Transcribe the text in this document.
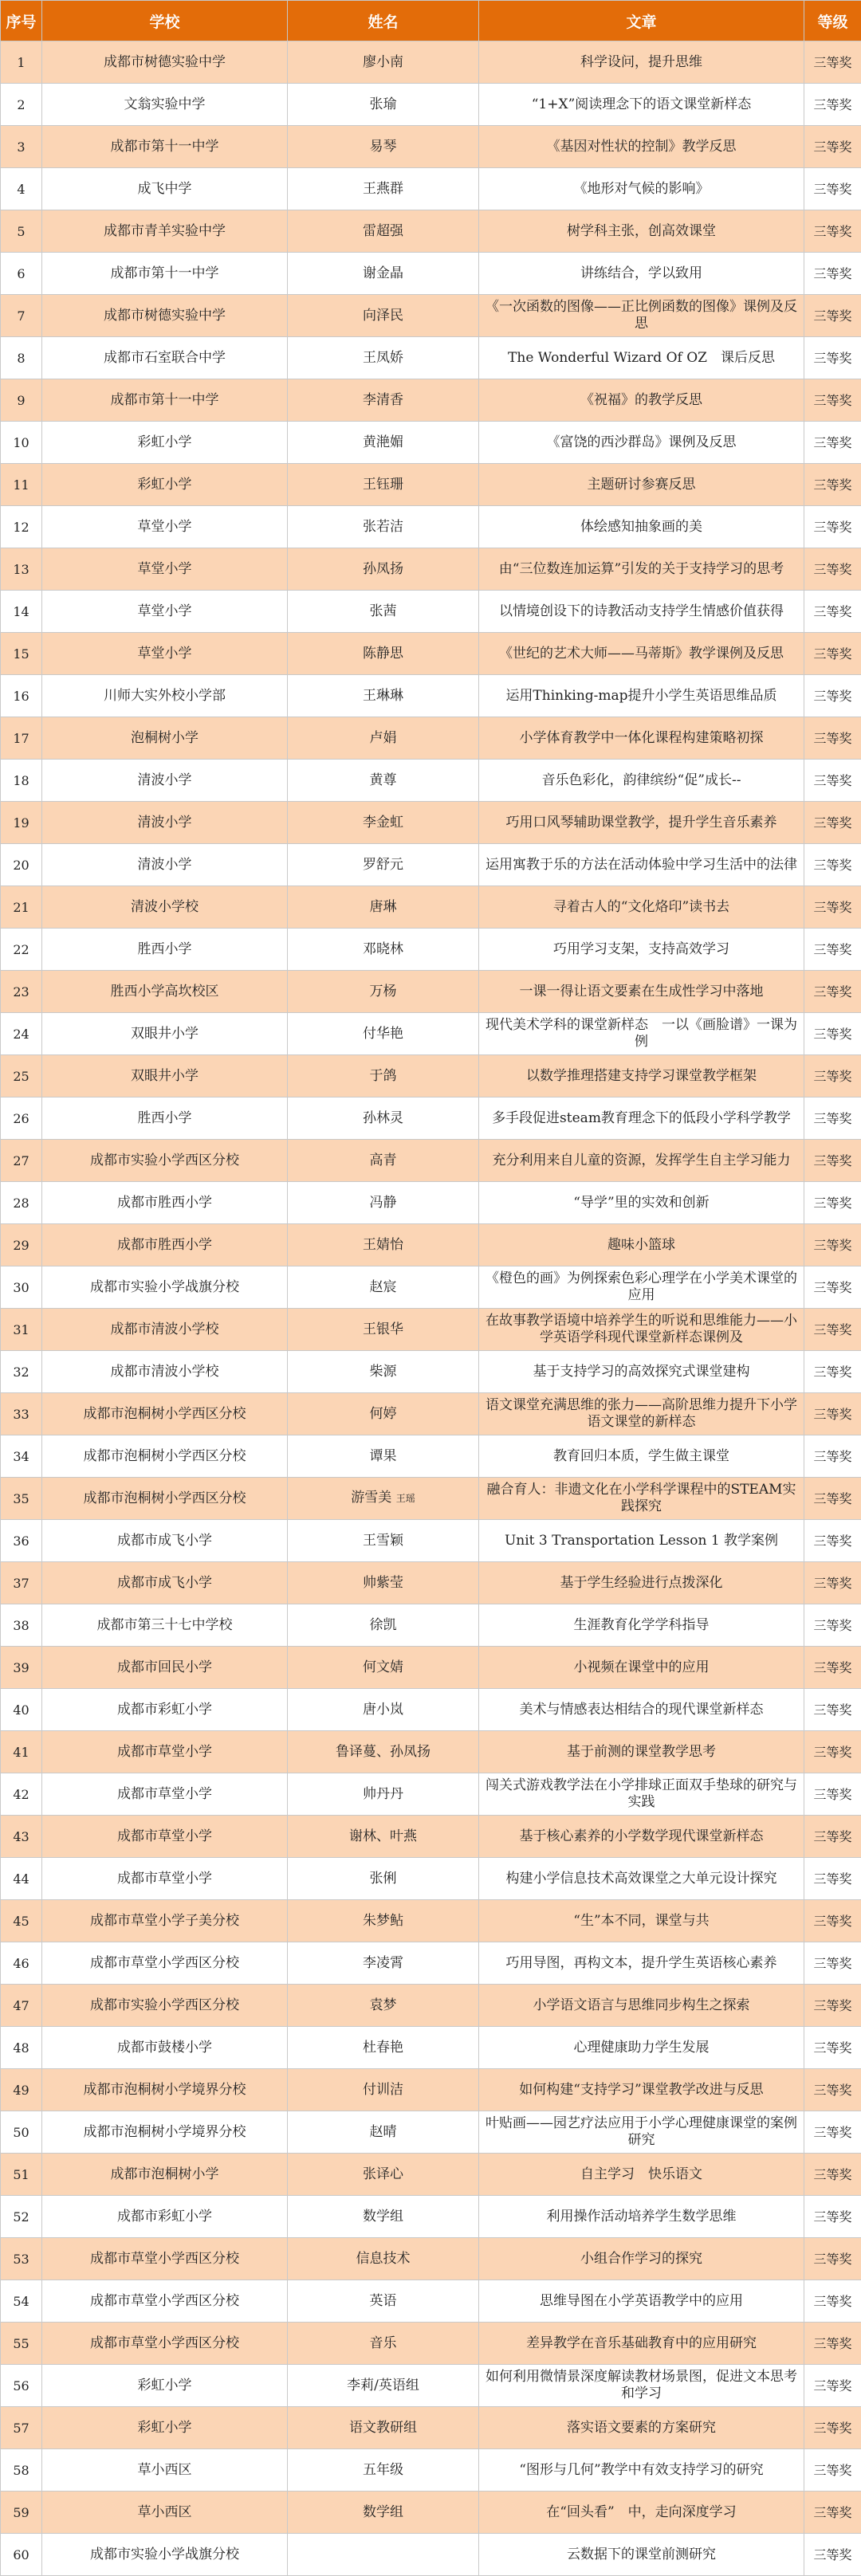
序号	学校	姓名	文章	等级
1	成都市树德实验中学	廖小南	科学设问，提升思维	三等奖
2	文翁实验中学	张瑜	“1+X”阅读理念下的语文课堂新样态	三等奖
3	成都市第十一中学	易琴	《基因对性状的控制》教学反思	三等奖
4	成飞中学	王燕群	《地形对气候的影响》	三等奖
5	成都市青羊实验中学	雷超强	树学科主张，创高效课堂	三等奖
6	成都市第十一中学	谢金晶	讲练结合，学以致用	三等奖
7	成都市树德实验中学	向泽民	《一次函数的图像——正比例函数的图像》课例及反思	三等奖
8	成都市石室联合中学	王凤娇	The Wonderful Wizard Of OZ　课后反思	三等奖
9	成都市第十一中学	李清香	《祝福》的教学反思	三等奖
10	彩虹小学	黄滟媚	《富饶的西沙群岛》课例及反思	三等奖
11	彩虹小学	王钰珊	主题研讨参赛反思	三等奖
12	草堂小学	张若洁	体绘感知抽象画的美	三等奖
13	草堂小学	孙凤扬	由“三位数连加运算”引发的关于支持学习的思考	三等奖
14	草堂小学	张茜	以情境创设下的诗教活动支持学生情感价值获得	三等奖
15	草堂小学	陈静思	《世纪的艺术大师——马蒂斯》教学课例及反思	三等奖
16	川师大实外校小学部	王琳琳	运用Thinking-map提升小学生英语思维品质	三等奖
17	泡桐树小学	卢娟	小学体育教学中一体化课程构建策略初探	三等奖
18	清波小学	黄尊	音乐色彩化，韵律缤纷“促”成长--	三等奖
19	清波小学	李金虹	巧用口风琴辅助课堂教学，提升学生音乐素养	三等奖
20	清波小学	罗舒元	运用寓教于乐的方法在活动体验中学习生活中的法律	三等奖
21	清波小学校	唐琳	寻着古人的“文化烙印”读书去	三等奖
22	胜西小学	邓晓林	巧用学习支架，支持高效学习	三等奖
23	胜西小学高坎校区	万杨	一课一得让语文要素在生成性学习中落地	三等奖
24	双眼井小学	付华艳	现代美术学科的课堂新样态　一以《画脸谱》一课为例	三等奖
25	双眼井小学	于鸽	以数学推理搭建支持学习课堂教学框架	三等奖
26	胜西小学	孙林灵	多手段促进steam教育理念下的低段小学科学教学	三等奖
27	成都市实验小学西区分校	高青	充分利用来自儿童的资源，发挥学生自主学习能力	三等奖
28	成都市胜西小学	冯静	“导学”里的实效和创新	三等奖
29	成都市胜西小学	王婧怡	趣味小篮球	三等奖
30	成都市实验小学战旗分校	赵宸	《橙色的画》为例探索色彩心理学在小学美术课堂的应用	三等奖
31	成都市清波小学校	王银华	在故事教学语境中培养学生的听说和思维能力——小学英语学科现代课堂新样态课例及	三等奖
32	成都市清波小学校	柴源	基于支持学习的高效探究式课堂建构	三等奖
33	成都市泡桐树小学西区分校	何婷	语文课堂充满思维的张力——高阶思维力提升下小学语文课堂的新样态	三等奖
34	成都市泡桐树小学西区分校	谭果	教育回归本质，学生做主课堂	三等奖
35	成都市泡桐树小学西区分校	游雪美 王瑶	融合育人：非遗文化在小学科学课程中的STEAM实践探究	三等奖
36	成都市成飞小学	王雪颖	Unit 3 Transportation Lesson 1 教学案例	三等奖
37	成都市成飞小学	帅紫莹	基于学生经验进行点拨深化	三等奖
38	成都市第三十七中学校	徐凯	生涯教育化学学科指导	三等奖
39	成都市回民小学	何文婧	小视频在课堂中的应用	三等奖
40	成都市彩虹小学	唐小岚	美术与情感表达相结合的现代课堂新样态	三等奖
41	成都市草堂小学	鲁译蔓、孙凤扬	基于前测的课堂教学思考	三等奖
42	成都市草堂小学	帅丹丹	闯关式游戏教学法在小学排球正面双手垫球的研究与实践	三等奖
43	成都市草堂小学	谢林、叶燕	基于核心素养的小学数学现代课堂新样态	三等奖
44	成都市草堂小学	张俐	构建小学信息技术高效课堂之大单元设计探究	三等奖
45	成都市草堂小学子美分校	朱梦鲇	“生”本不同，课堂与共	三等奖
46	成都市草堂小学西区分校	李凌霄	巧用导图，再构文本，提升学生英语核心素养	三等奖
47	成都市实验小学西区分校	袁梦	小学语文语言与思维同步构生之探索	三等奖
48	成都市鼓楼小学	杜春艳	心理健康助力学生发展	三等奖
49	成都市泡桐树小学境界分校	付训洁	如何构建“支持学习”课堂教学改进与反思	三等奖
50	成都市泡桐树小学境界分校	赵晴	叶贴画——园艺疗法应用于小学心理健康课堂的案例研究	三等奖
51	成都市泡桐树小学	张译心	自主学习　快乐语文	三等奖
52	成都市彩虹小学	数学组	利用操作活动培养学生数学思维	三等奖
53	成都市草堂小学西区分校	信息技术	小组合作学习的探究	三等奖
54	成都市草堂小学西区分校	英语	思维导图在小学英语教学中的应用	三等奖
55	成都市草堂小学西区分校	音乐	差异教学在音乐基础教育中的应用研究	三等奖
56	彩虹小学	李莉/英语组	如何利用微情景深度解读教材场景图，促进文本思考和学习	三等奖
57	彩虹小学	语文教研组	落实语文要素的方案研究	三等奖
58	草小西区	五年级	“图形与几何”教学中有效支持学习的研究	三等奖
59	草小西区	数学组	在“回头看”　中，走向深度学习	三等奖
60	成都市实验小学战旗分校		云数据下的课堂前测研究	三等奖
